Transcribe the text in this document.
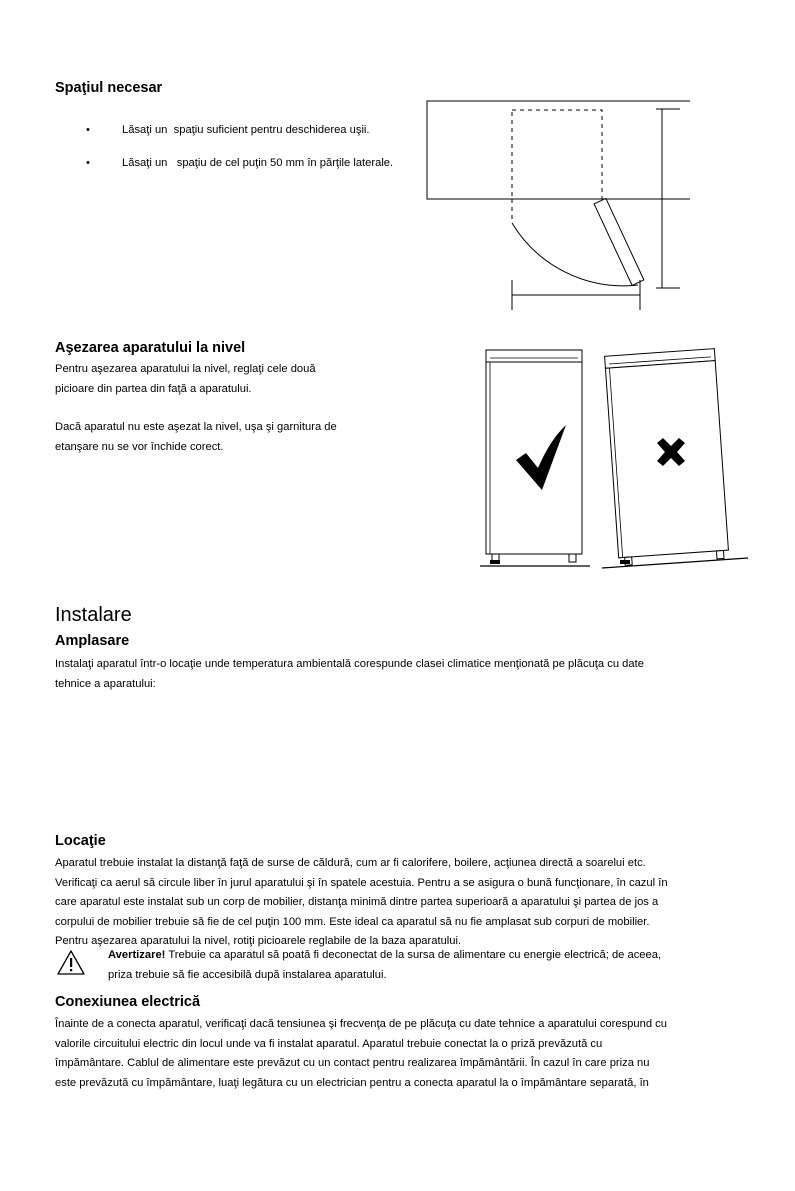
Spaţiul necesar
•	Lăsaţi un  spaţiu suficient pentru deschiderea uşii.
•	Lăsaţi un   spaţiu de cel puţin 50 mm în părţile laterale.
Aşezarea aparatului la nivel
Pentru aşezarea aparatului la nivel, reglaţi cele două
picioare din partea din faţă a aparatului.
Dacă aparatul nu este aşezat la nivel, uşa şi garnitura de
etanşare nu se vor închide corect.
Instalare
Amplasare
Instalaţi aparatul într-o locaţie unde temperatura ambientală corespunde clasei climatice menţionată pe plăcuţa cu date
tehnice a aparatului:
Locaţie
Aparatul trebuie instalat la distanţă faţă de surse de căldură, cum ar fi calorifere, boilere, acţiunea directă a soarelui etc.
Verificaţi ca aerul să circule liber în jurul aparatului şi în spatele acestuia. Pentru a se asigura o bună funcţionare, în cazul în
care aparatul este instalat sub un corp de mobilier, distanţa minimă dintre partea superioară a aparatului şi partea de jos a
corpului de mobilier trebuie să fie de cel puţin 100 mm. Este ideal ca aparatul să nu fie amplasat sub corpuri de mobilier.
Pentru aşezarea aparatului la nivel, rotiţi picioarele reglabile de la baza aparatului.
Avertizare! Trebuie ca aparatul să poată fi deconectat de la sursa de alimentare cu energie electrică; de aceea,
priza trebuie să fie accesibilă după instalarea aparatului.
Conexiunea electrică
Înainte de a conecta aparatul, verificaţi dacă tensiunea şi frecvenţa de pe plăcuţa cu date tehnice a aparatului corespund cu
valorile circuitului electric din locul unde va fi instalat aparatul. Aparatul trebuie conectat la o priză prevăzută cu
împământare. Cablul de alimentare este prevăzut cu un contact pentru realizarea împământării. În cazul în care priza nu
este prevăzută cu împământare, luaţi legătura cu un electrician pentru a conecta aparatul la o împământare separată, în
